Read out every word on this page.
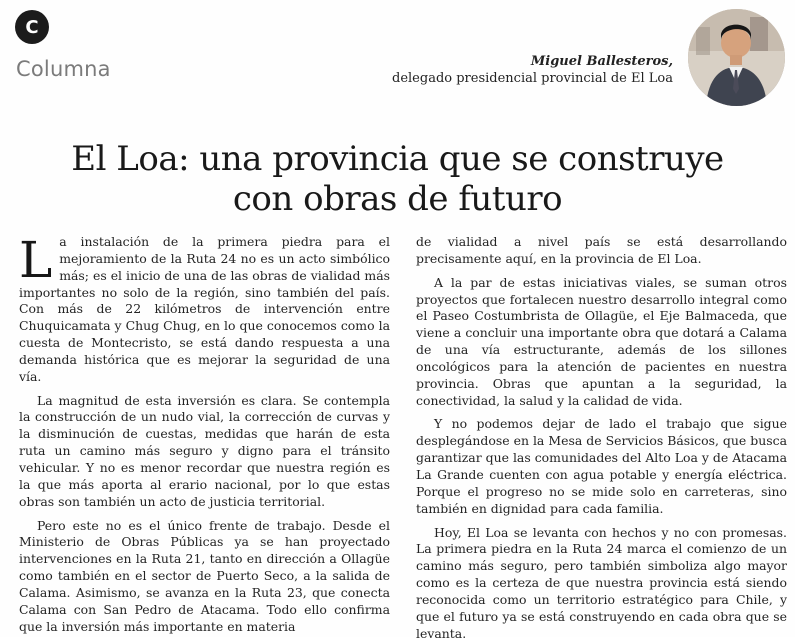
C
Columna	Miguel Ballesteros,
delegado presidencial provincial de El Loa
El Loa: una provincia que se construye
con obras de futuro

La instalación de la primera piedra para el mejoramiento de la Ruta 24 no es un acto simbólico más; es el inicio de una de las obras de vialidad más importantes no solo de la región, sino también del país. Con más de 22 kilómetros de intervención entre Chuquicamata y Chug Chug, en lo que conocemos como la cuesta de Montecristo, se está dando respuesta a una demanda histórica que es mejorar la seguridad de una vía.

La magnitud de esta inversión es clara. Se contempla la construcción de un nudo vial, la corrección de curvas y la disminución de cuestas, medidas que harán de esta ruta un camino más seguro y digno para el tránsito vehicular. Y no es menor recordar que nuestra región es la que más aporta al erario nacional, por lo que estas obras son también un acto de justicia territorial.

Pero este no es el único frente de trabajo. Desde el Ministerio de Obras Públicas ya se han proyectado intervenciones en la Ruta 21, tanto en dirección a Ollagüe como también en el sector de Puerto Seco, a la salida de Calama. Asimismo, se avanza en la Ruta 23, que conecta Calama con San Pedro de Atacama. Todo ello confirma que la inversión más importante en materia

de vialidad a nivel país se está desarrollando precisamente aquí, en la provincia de El Loa.

A la par de estas iniciativas viales, se suman otros proyectos que fortalecen nuestro desarrollo integral como el Paseo Costumbrista de Ollagüe, el Eje Balmaceda, que viene a concluir una importante obra que dotará a Calama de una vía estructurante, además de los sillones oncológicos para la atención de pacientes en nuestra provincia. Obras que apuntan a la seguridad, la conectividad, la salud y la calidad de vida.

Y no podemos dejar de lado el trabajo que sigue desplegándose en la Mesa de Servicios Básicos, que busca garantizar que las comunidades del Alto Loa y de Atacama La Grande cuenten con agua potable y energía eléctrica. Porque el progreso no se mide solo en carreteras, sino también en dignidad para cada familia.

Hoy, El Loa se levanta con hechos y no con promesas. La primera piedra en la Ruta 24 marca el comienzo de un camino más seguro, pero también simboliza algo mayor como es la certeza de que nuestra provincia está siendo reconocida como un territorio estratégico para Chile, y que el futuro ya se está construyendo en cada obra que se levanta.
